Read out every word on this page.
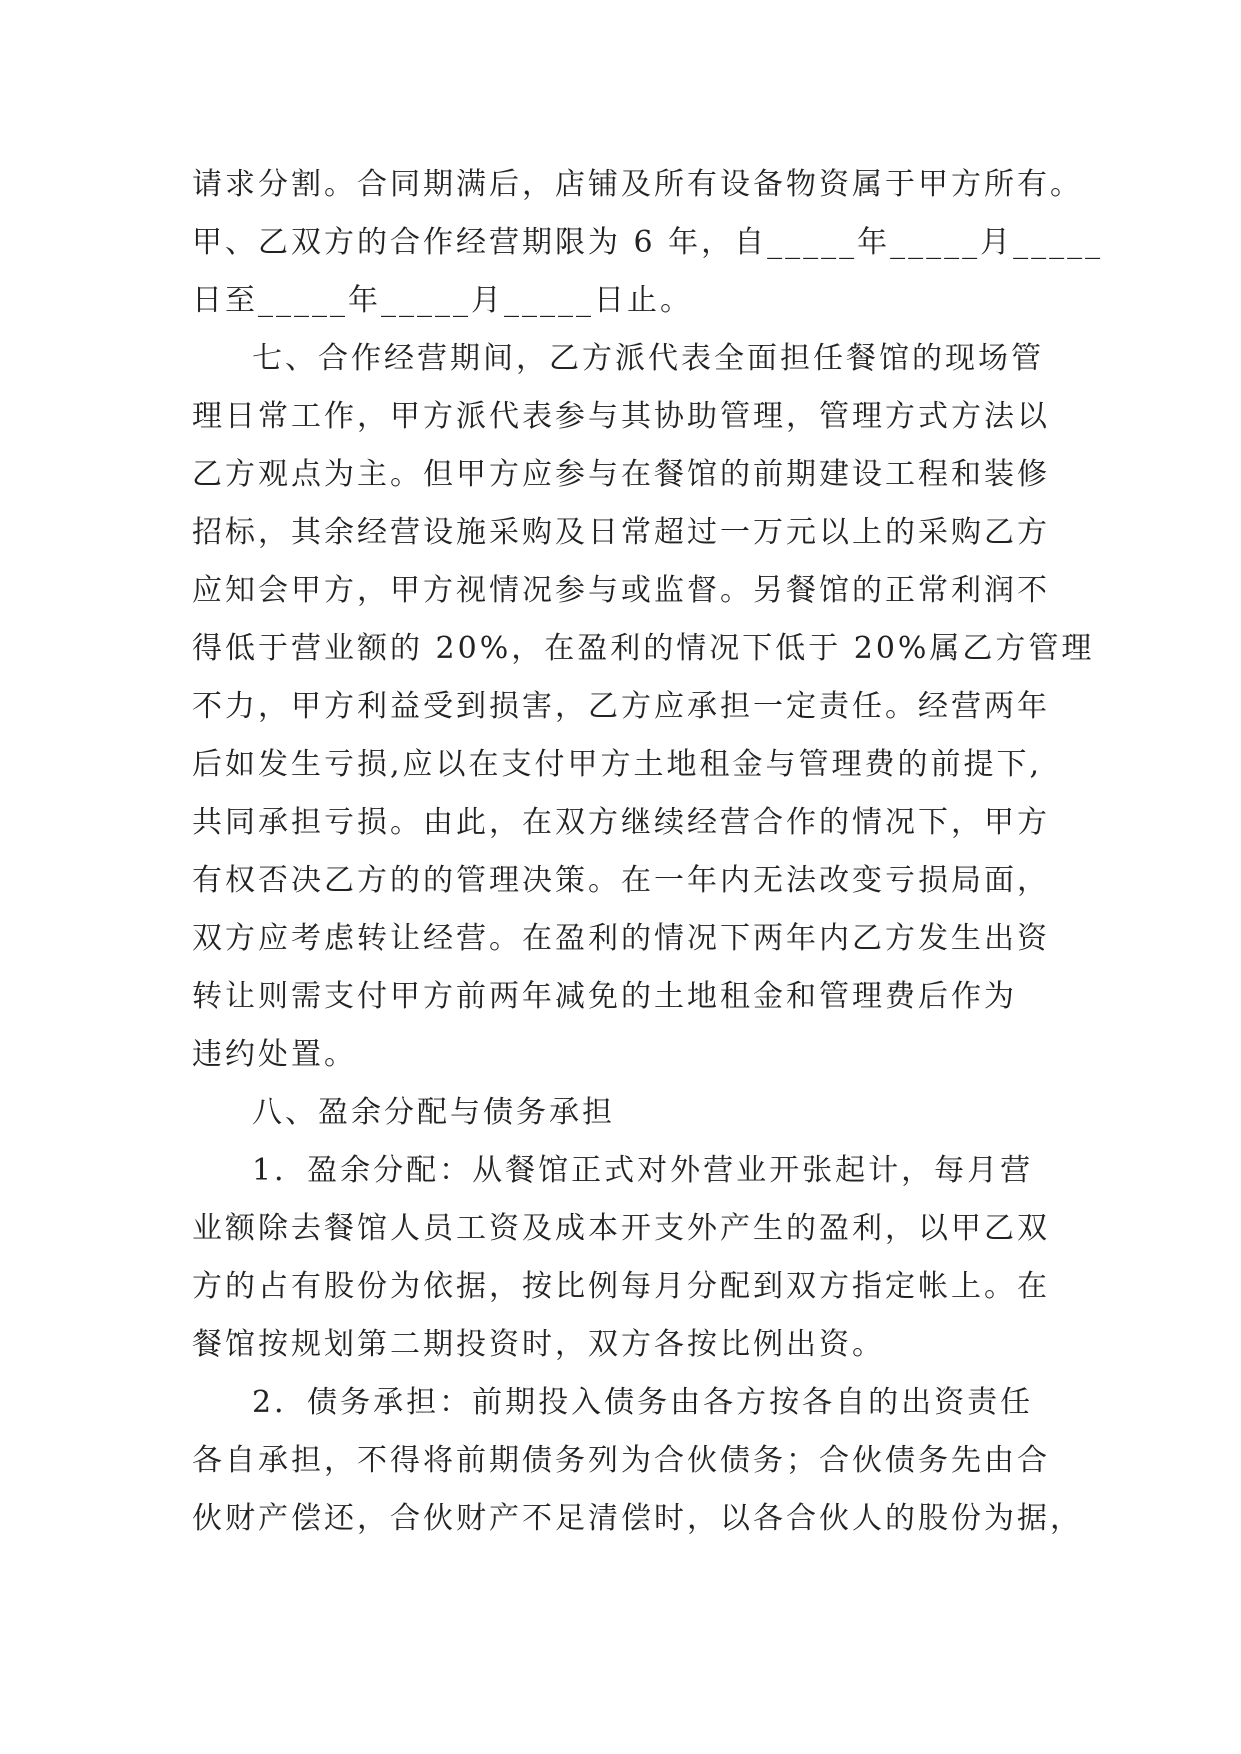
请求分割。合同期满后，店铺及所有设备物资属于甲方所有。

甲、乙双方的合作经营期限为 6 年，自_____年_____月_____

日至_____年_____月_____日止。

七、合作经营期间，乙方派代表全面担任餐馆的现场管

理日常工作，甲方派代表参与其协助管理，管理方式方法以

乙方观点为主。但甲方应参与在餐馆的前期建设工程和装修

招标，其余经营设施采购及日常超过一万元以上的采购乙方

应知会甲方，甲方视情况参与或监督。另餐馆的正常利润不

得低于营业额的 20%，在盈利的情况下低于 20%属乙方管理

不力，甲方利益受到损害，乙方应承担一定责任。经营两年

后如发生亏损,应以在支付甲方土地租金与管理费的前提下,

共同承担亏损。由此，在双方继续经营合作的情况下，甲方

有权否决乙方的的管理决策。在一年内无法改变亏损局面，

双方应考虑转让经营。在盈利的情况下两年内乙方发生出资

转让则需支付甲方前两年减免的土地租金和管理费后作为

违约处置。

八、盈余分配与债务承担

1．盈余分配：从餐馆正式对外营业开张起计，每月营

业额除去餐馆人员工资及成本开支外产生的盈利，以甲乙双

方的占有股份为依据，按比例每月分配到双方指定帐上。在

餐馆按规划第二期投资时，双方各按比例出资。

2．债务承担：前期投入债务由各方按各自的出资责任

各自承担，不得将前期债务列为合伙债务；合伙债务先由合

伙财产偿还，合伙财产不足清偿时，以各合伙人的股份为据，
